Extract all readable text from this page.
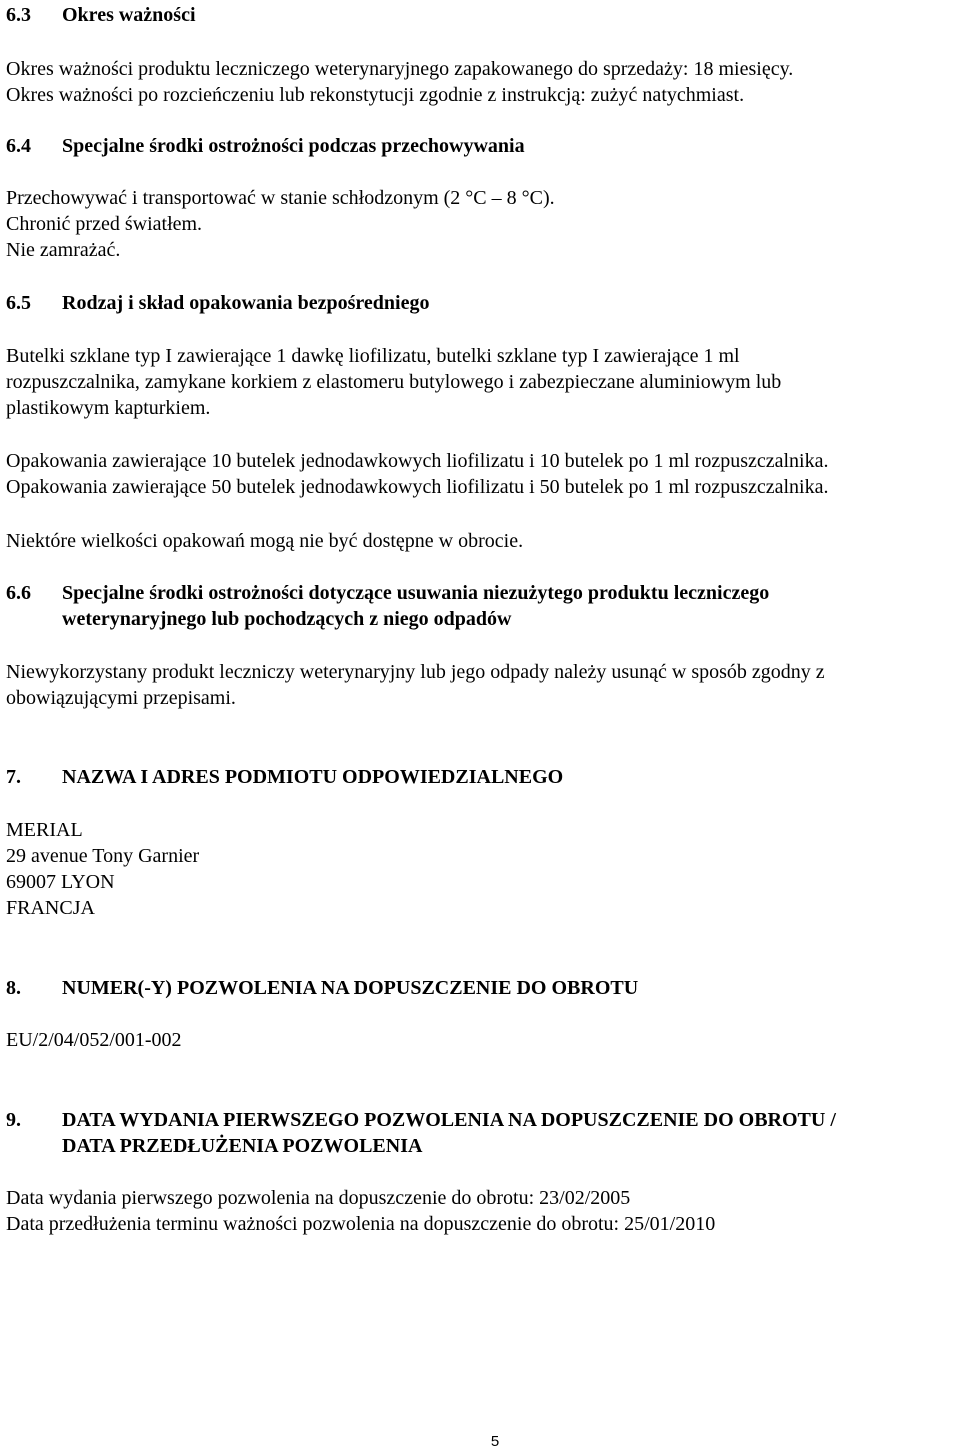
6.3 Okres ważności
Okres ważności produktu leczniczego weterynaryjnego zapakowanego do sprzedaży: 18 miesięcy.
Okres ważności po rozcieńczeniu lub rekonstytucji zgodnie z instrukcją: zużyć natychmiast.
6.4 Specjalne środki ostrożności podczas przechowywania
Przechowywać i transportować w stanie schłodzonym (2 °C – 8 °C).
Chronić przed światłem.
Nie zamrażać.
6.5 Rodzaj i skład opakowania bezpośredniego
Butelki szklane typ I zawierające 1 dawkę liofilizatu, butelki szklane typ I zawierające 1 ml
rozpuszczalnika, zamykane korkiem z elastomeru butylowego i zabezpieczane aluminiowym lub
plastikowym kapturkiem.
Opakowania zawierające 10 butelek jednodawkowych liofilizatu i 10 butelek po 1 ml rozpuszczalnika.
Opakowania zawierające 50 butelek jednodawkowych liofilizatu i 50 butelek po 1 ml rozpuszczalnika.
Niektóre wielkości opakowań mogą nie być dostępne w obrocie.
6.6 Specjalne środki ostrożności dotyczące usuwania niezużytego produktu leczniczego
weterynaryjnego lub pochodzących z niego odpadów
Niewykorzystany produkt leczniczy weterynaryjny lub jego odpady należy usunąć w sposób zgodny z
obowiązującymi przepisami.
7. NAZWA I ADRES PODMIOTU ODPOWIEDZIALNEGO
MERIAL
29 avenue Tony Garnier
69007 LYON
FRANCJA
8. NUMER(-Y) POZWOLENIA NA DOPUSZCZENIE DO OBROTU
EU/2/04/052/001-002
9. DATA WYDANIA PIERWSZEGO POZWOLENIA NA DOPUSZCZENIE DO OBROTU /
DATA PRZEDŁUŻENIA POZWOLENIA
Data wydania pierwszego pozwolenia na dopuszczenie do obrotu: 23/02/2005
Data przedłużenia terminu ważności pozwolenia na dopuszczenie do obrotu: 25/01/2010
5
